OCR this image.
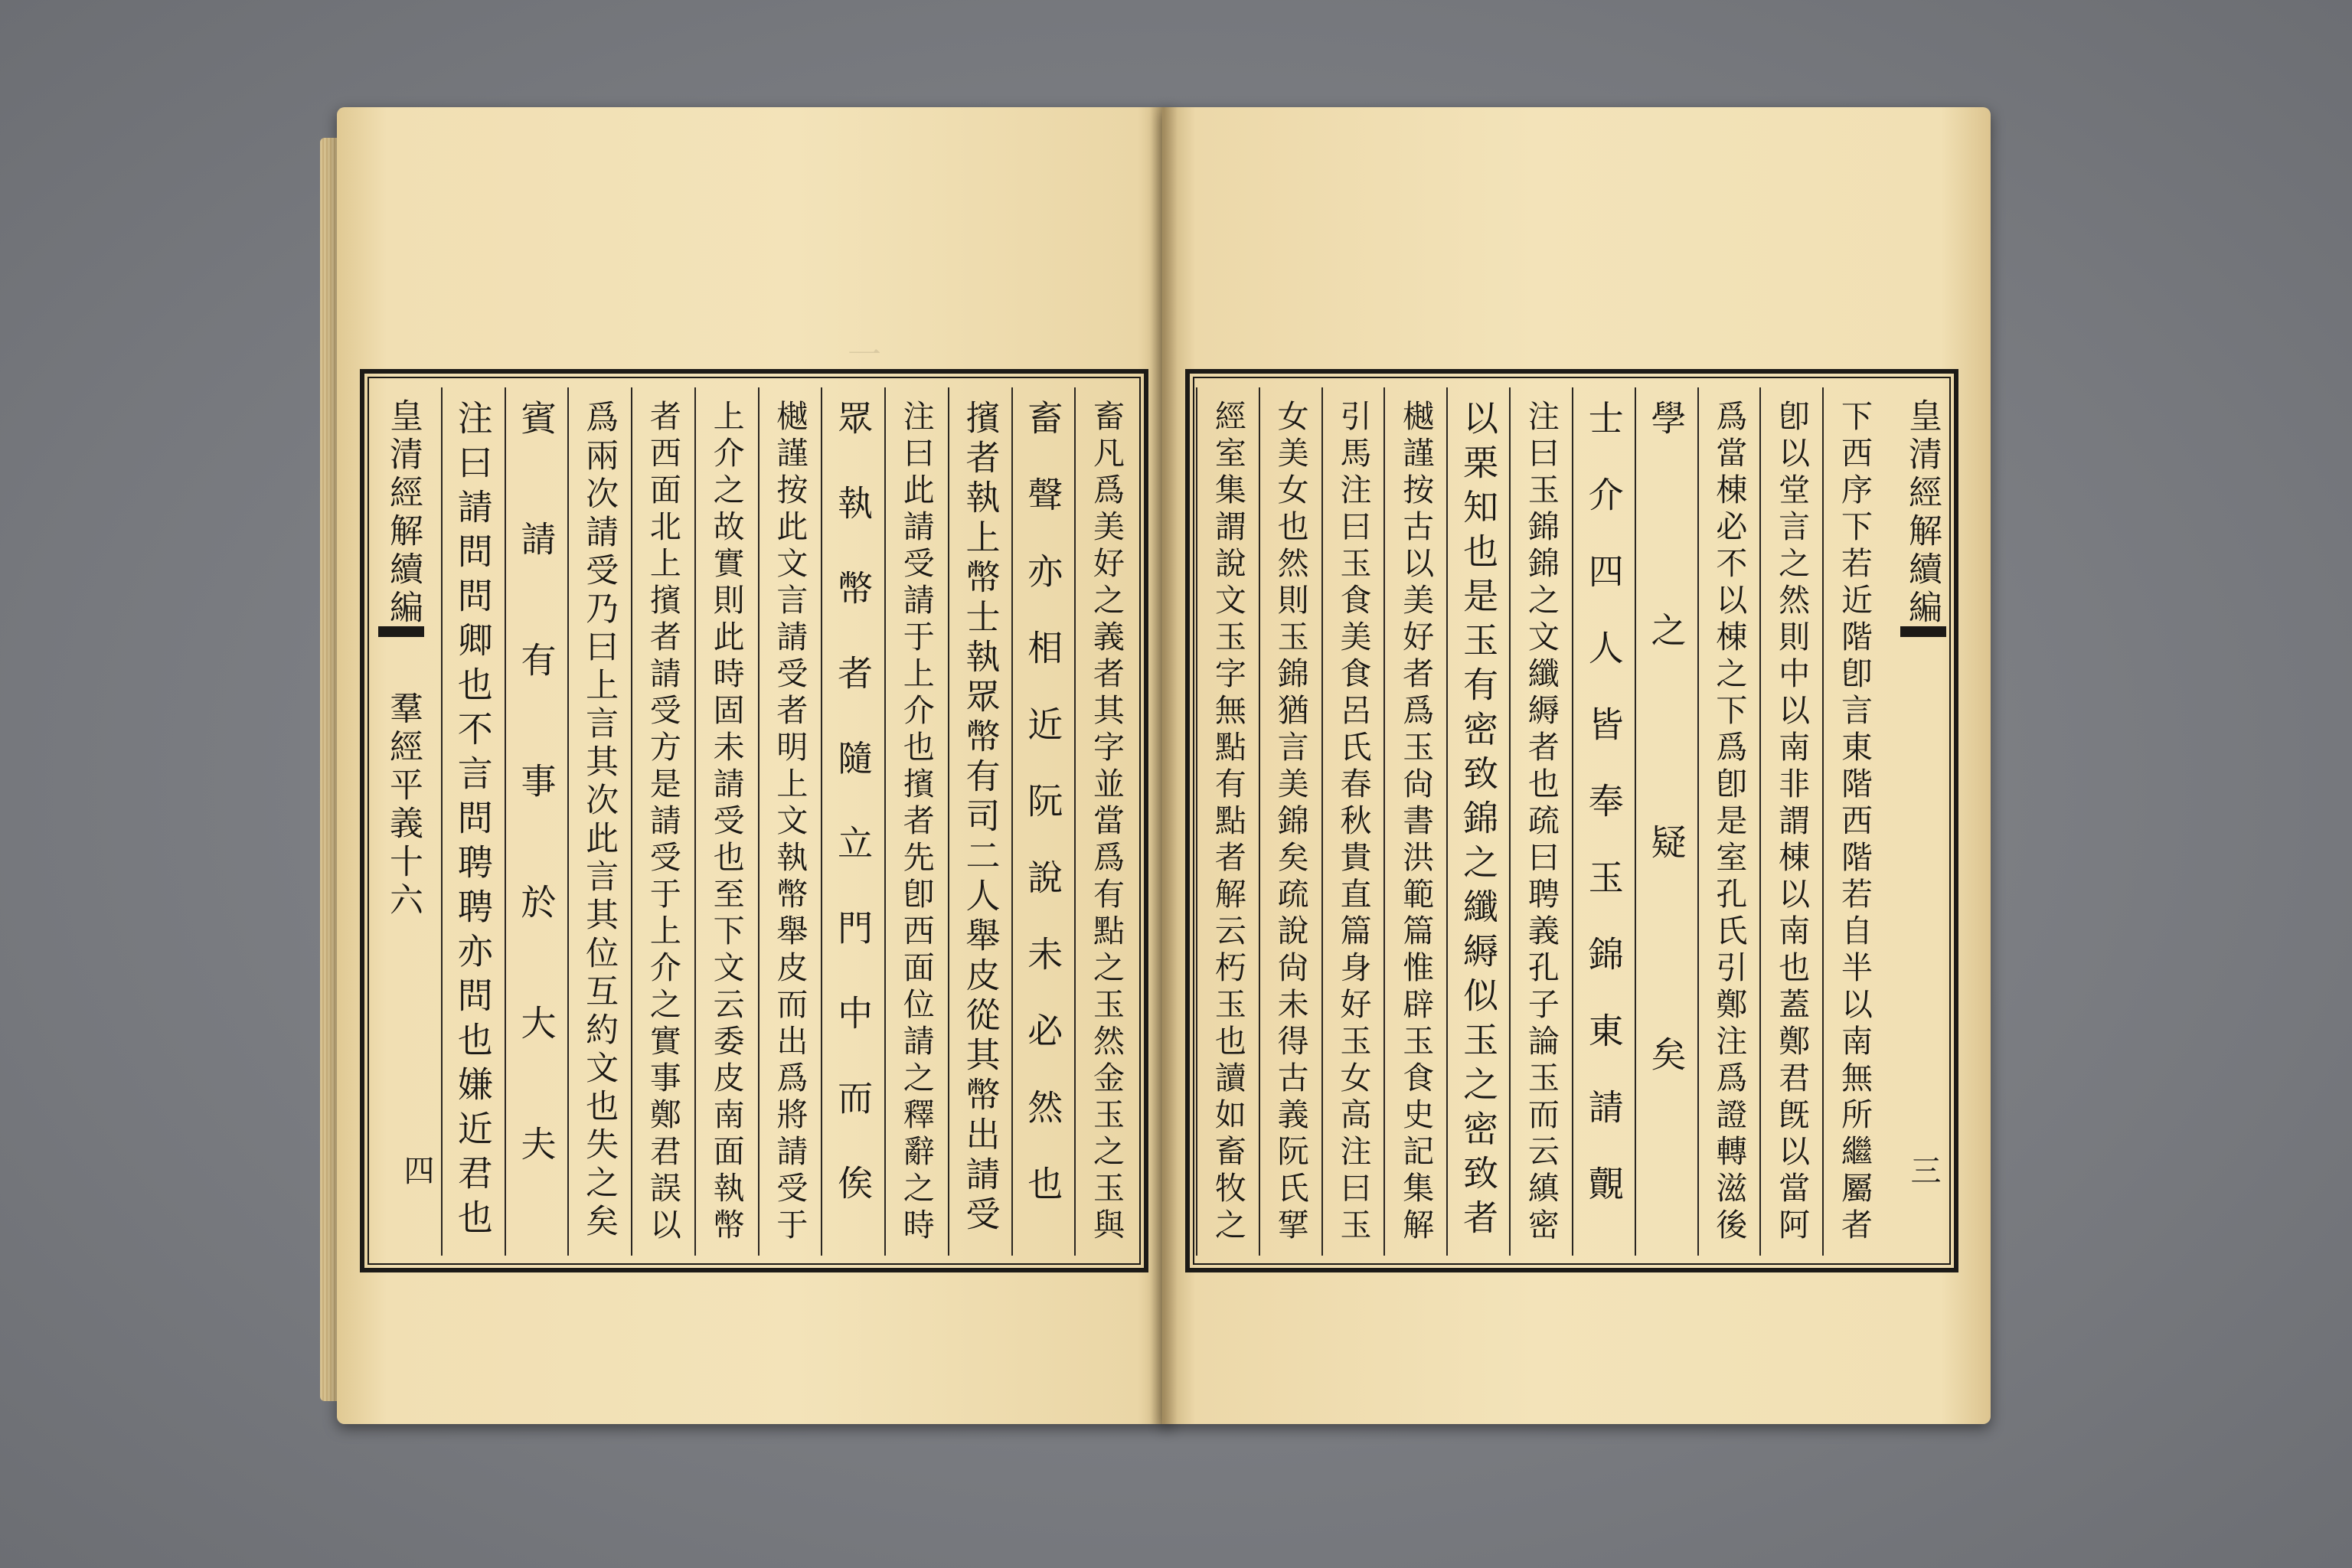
一
皇清經解續編
羣經平義十六
四	畜凡爲美好之義者其字並當爲有點之玉然金玉之玉與
畜聲亦相近阮說未必然也
擯者執上幣士執眾幣有司二人舉皮從其幣出請受
注曰此請受請于上介也擯者先卽西面位請之釋辭之時
眾執幣者隨立門中而俟
樾謹按此文言請受者明上文執幣舉皮而出爲將請受于
上介之故實則此時固未請受也至下文云委皮南面執幣
者西面北上擯者請受方是請受于上介之實事鄭君誤以
爲兩次請受乃曰上言其次此言其位互約文也失之矣
賓請有事於大夫
注曰請問問卿也不言問聘聘亦問也嫌近君也	皇清經解續編
三
下西序下若近階卽言東階西階若自半以南無所繼屬者
卽以堂言之然則中以南非謂棟以南也蓋鄭君旣以當阿
爲當棟必不以棟之下爲卽是室孔氏引鄭注爲證轉滋後
學之疑矣
士介四人皆奉玉錦東請覿
注曰玉錦錦之文纖縟者也疏曰聘義孔子論玉而云縝密
以栗知也是玉有密致錦之纖縟似玉之密致者
樾謹按古以美好者爲玉尙書洪範篇惟辟玉食史記集解
引馬注曰玉食美食呂氏春秋貴直篇身好玉女高注曰玉
女美女也然則玉錦猶言美錦矣疏說尙未得古義阮氏揅
經室集謂說文玉字無點有點者解云朽玉也讀如畜牧之
